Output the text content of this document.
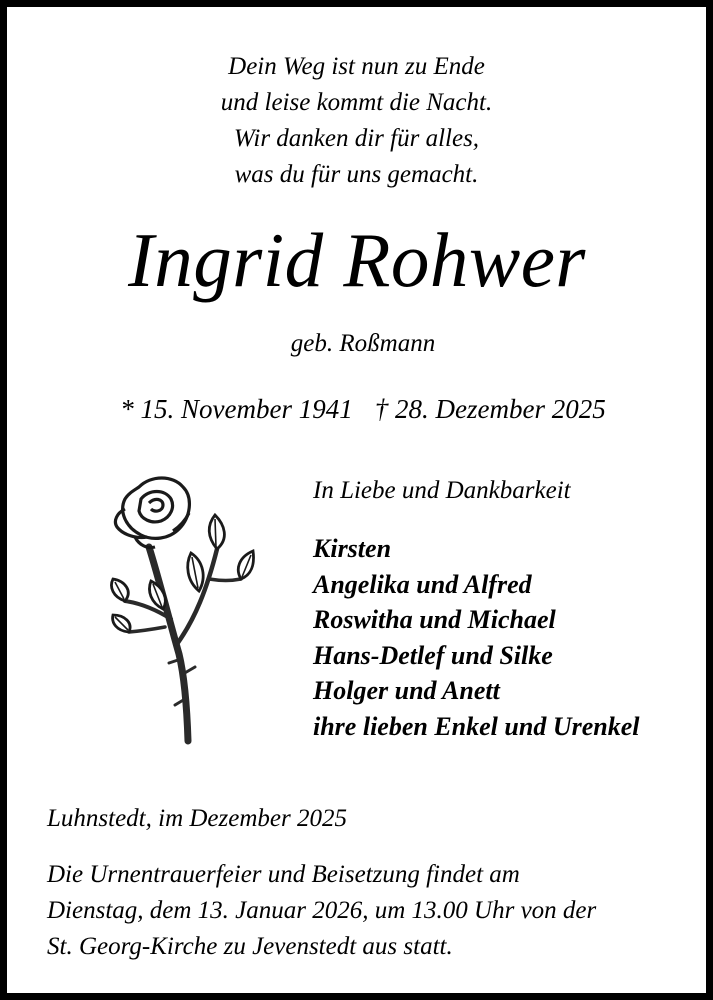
Dein Weg ist nun zu Ende
und leise kommt die Nacht.
Wir danken dir für alles,
was du für uns gemacht.
Ingrid Rohwer
geb. Roßmann
* 15. November 1941 † 28. Dezember 2025
In Liebe und Dankbarkeit
Kirsten
Angelika und Alfred
Roswitha und Michael
Hans-Detlef und Silke
Holger und Anett
ihre lieben Enkel und Urenkel
Luhnstedt, im Dezember 2025
Die Urnentrauerfeier und Beisetzung findet am
Dienstag, dem 13. Januar 2026, um 13.00 Uhr von der
St. Georg-Kirche zu Jevenstedt aus statt.
